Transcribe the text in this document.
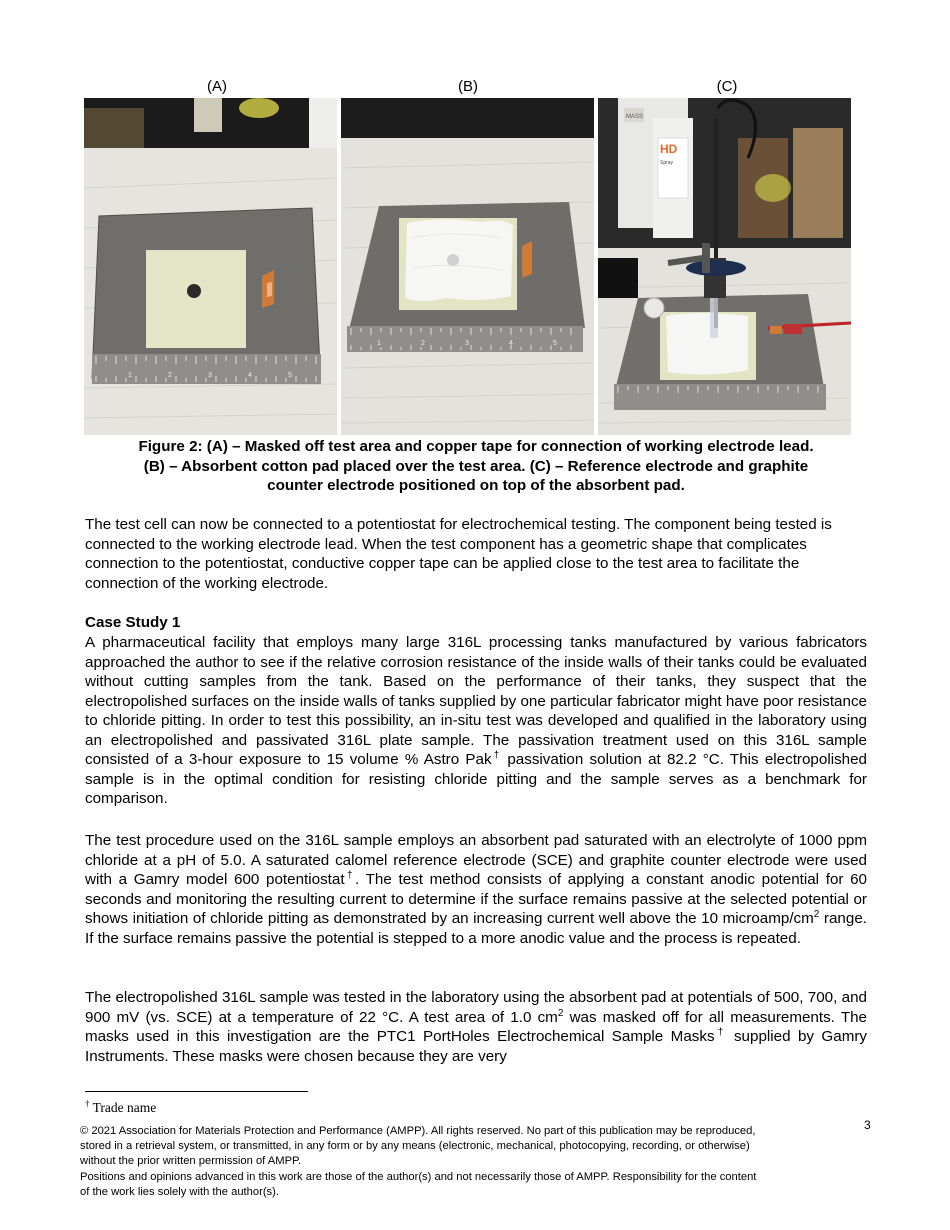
(A)	(B)	(C)
1	2	3	4	5
1	2	3	4	5
MASS
HD
Spray
Figure 2: (A) – Masked off test area and copper tape for connection of working electrode lead.
(B) – Absorbent cotton pad placed over the test area. (C) – Reference electrode and graphite
counter electrode positioned on top of the absorbent pad.
The test cell can now be connected to a potentiostat for electrochemical testing. The component being tested is connected to the working electrode lead. When the test component has a geometric shape that complicates connection to the potentiostat, conductive copper tape can be applied close to the test area to facilitate the connection of the working electrode.
Case Study 1
A pharmaceutical facility that employs many large 316L processing tanks manufactured by various fabricators approached the author to see if the relative corrosion resistance of the inside walls of their tanks could be evaluated without cutting samples from the tank. Based on the performance of their tanks, they suspect that the electropolished surfaces on the inside walls of tanks supplied by one particular fabricator might have poor resistance to chloride pitting. In order to test this possibility, an in-situ test was developed and qualified in the laboratory using an electropolished and passivated 316L plate sample. The passivation treatment used on this 316L sample consisted of a 3-hour exposure to 15 volume % Astro Pak† passivation solution at 82.2 °C. This electropolished sample is in the optimal condition for resisting chloride pitting and the sample serves as a benchmark for comparison.
The test procedure used on the 316L sample employs an absorbent pad saturated with an electrolyte of 1000 ppm chloride at a pH of 5.0. A saturated calomel reference electrode (SCE) and graphite counter electrode were used with a Gamry model 600 potentiostat†. The test method consists of applying a constant anodic potential for 60 seconds and monitoring the resulting current to determine if the surface remains passive at the selected potential or shows initiation of chloride pitting as demonstrated by an increasing current well above the 10 microamp/$cm^2$ range. If the surface remains passive the potential is stepped to a more anodic value and the process is repeated.
The electropolished 316L sample was tested in the laboratory using the absorbent pad at potentials of 500, 700, and 900 mV (vs. SCE) at a temperature of 22 °C. A test area of 1.0 $cm^2$ was masked off for all measurements. The masks used in this investigation are the PTC1 PortHoles Electrochemical Sample Masks† supplied by Gamry Instruments. These masks were chosen because they are very
† Trade name
© 2021 Association for Materials Protection and Performance (AMPP). All rights reserved. No part of this publication may be reproduced,
stored in a retrieval system, or transmitted, in any form or by any means (electronic, mechanical, photocopying, recording, or otherwise)
without the prior written permission of AMPP.
Positions and opinions advanced in this work are those of the author(s) and not necessarily those of AMPP. Responsibility for the content
of the work lies solely with the author(s).
3
